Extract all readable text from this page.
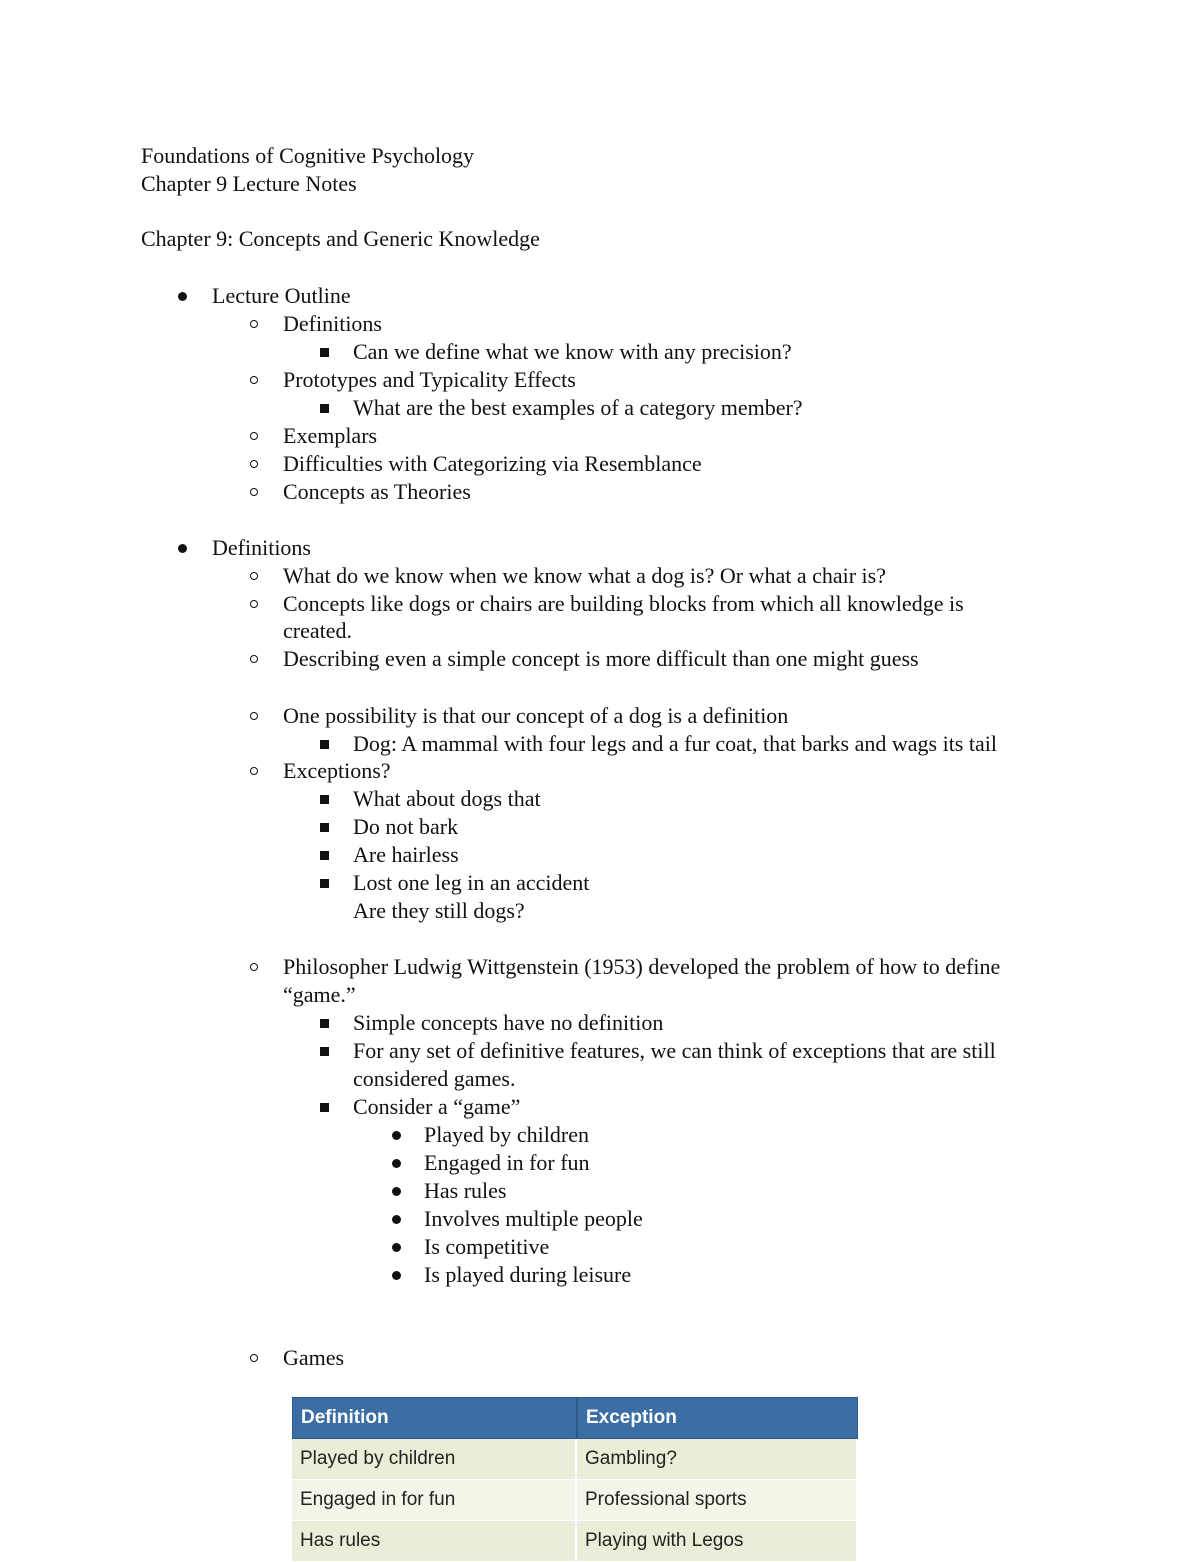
Foundations of Cognitive Psychology
Chapter 9 Lecture Notes
Chapter 9: Concepts and Generic Knowledge
Lecture Outline
Definitions
Can we define what we know with any precision?
Prototypes and Typicality Effects
What are the best examples of a category member?
Exemplars
Difficulties with Categorizing via Resemblance
Concepts as Theories
Definitions
What do we know when we know what a dog is? Or what a chair is?
Concepts like dogs or chairs are building blocks from which all knowledge is
created.
Describing even a simple concept is more difficult than one might guess
One possibility is that our concept of a dog is a definition
Dog: A mammal with four legs and a fur coat, that barks and wags its tail
Exceptions?
What about dogs that
Do not bark
Are hairless
Lost one leg in an accident
Are they still dogs?
Philosopher Ludwig Wittgenstein (1953) developed the problem of how to define
“game.”
Simple concepts have no definition
For any set of definitive features, we can think of exceptions that are still
considered games.
Consider a “game”
Played by children
Engaged in for fun
Has rules
Involves multiple people
Is competitive
Is played during leisure
Games
Definition	Exception
Played by children	Gambling?
Engaged in for fun	Professional sports
Has rules	Playing with Legos
